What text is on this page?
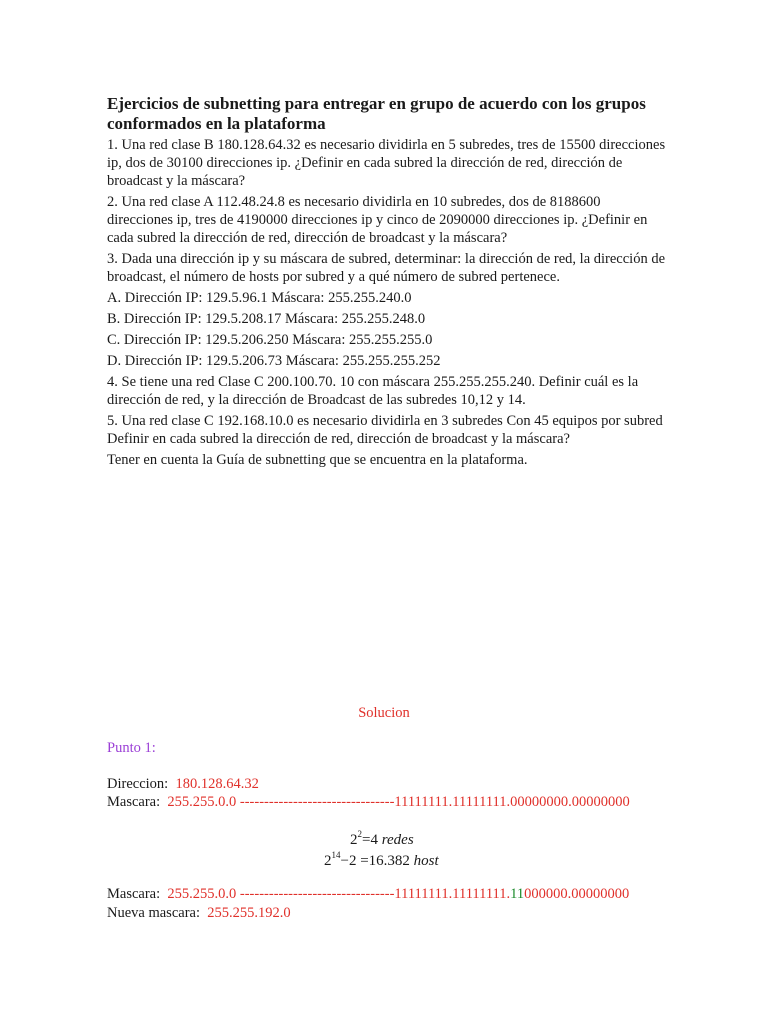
Ejercicios de subnetting para entregar en grupo de acuerdo con los grupos conformados en la plataforma

1. Una red clase B 180.128.64.32 es necesario dividirla en 5 subredes, tres de 15500 direcciones ip, dos de 30100 direcciones ip. ¿Definir en cada subred la dirección de red, dirección de broadcast y la máscara?

2. Una red clase A 112.48.24.8 es necesario dividirla en 10 subredes, dos de 8188600 direcciones ip, tres de 4190000 direcciones ip y cinco de 2090000 direcciones ip. ¿Definir en cada subred la dirección de red, dirección de broadcast y la máscara?

3. Dada una dirección ip y su máscara de subred, determinar: la dirección de red, la dirección de broadcast, el número de hosts por subred y a qué número de subred pertenece.

A. Dirección IP: 129.5.96.1 Máscara: 255.255.240.0

B. Dirección IP: 129.5.208.17 Máscara: 255.255.248.0

C. Dirección IP: 129.5.206.250 Máscara: 255.255.255.0

D. Dirección IP: 129.5.206.73 Máscara: 255.255.255.252

4. Se tiene una red Clase C 200.100.70. 10 con máscara 255.255.255.240. Definir cuál es la dirección de red, y la dirección de Broadcast de las subredes 10,12 y 14.

5. Una red clase C 192.168.10.0 es necesario dividirla en 3 subredes Con 45 equipos por subred Definir en cada subred la dirección de red, dirección de broadcast y la máscara?

Tener en cuenta la Guía de subnetting que se encuentra en la plataforma.

Solucion
Punto 1:
Direccion: 180.128.64.32
Mascara: 255.255.0.0 --------------------------------11111111.11111111.00000000.00000000
$2^2=4$ redes
$2^{14}-2 =16.382$ host
Mascara: 255.255.0.0 --------------------------------11111111.11111111.11000000.00000000
Nueva mascara: 255.255.192.0
